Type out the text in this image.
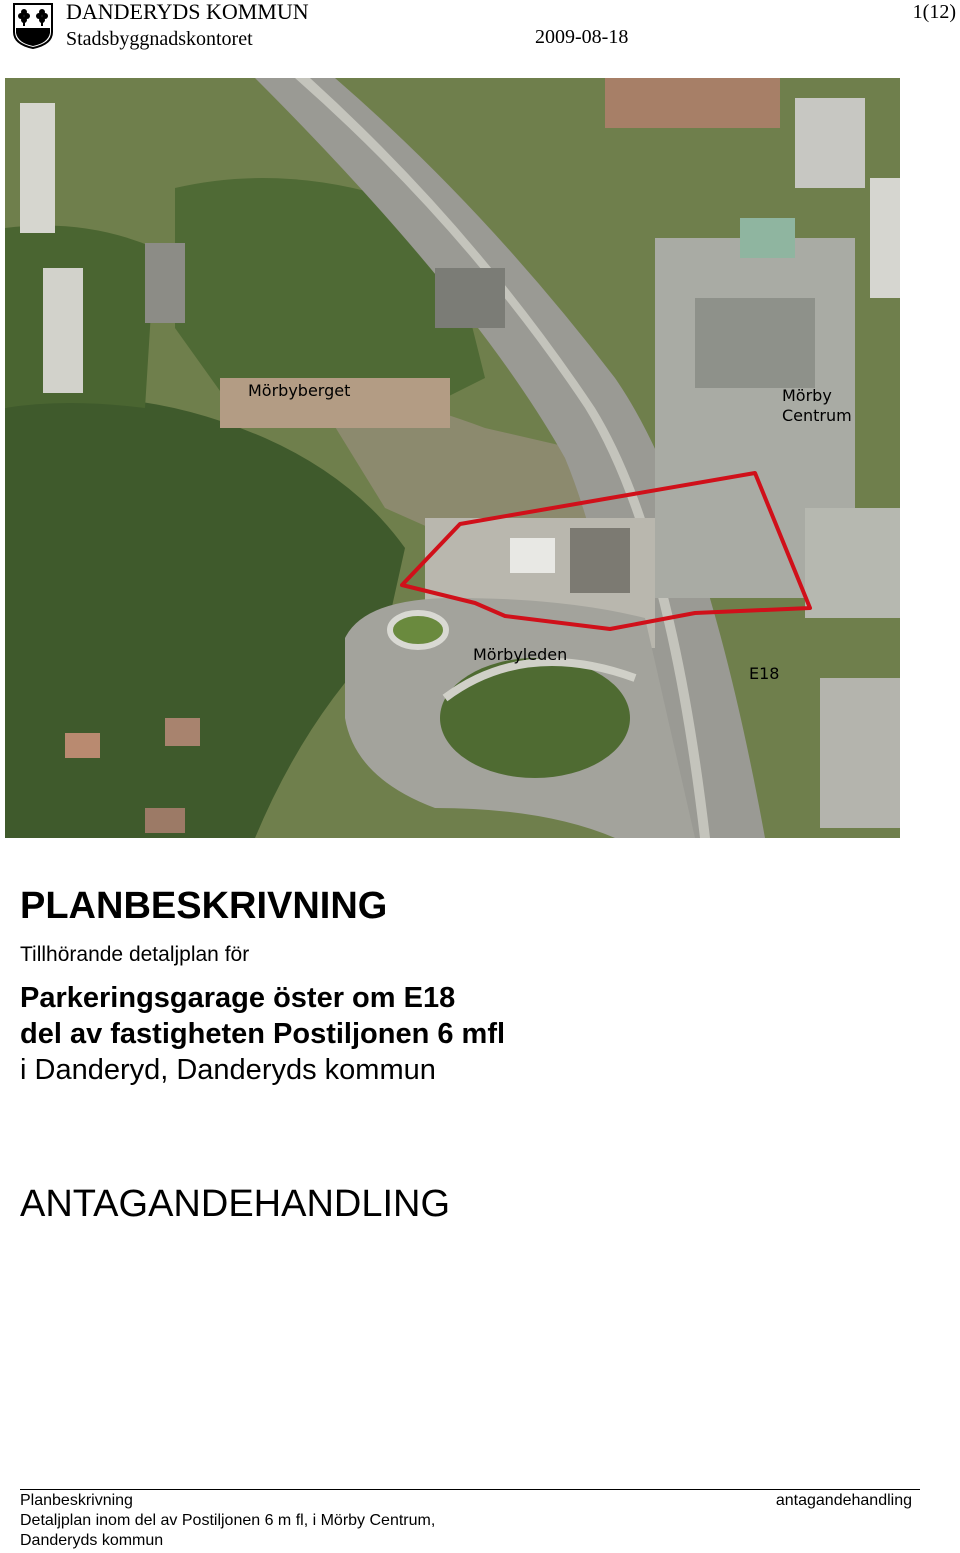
DANDERYDS KOMMUN
Stadsbyggnadskontoret	2009-08-18
1(12)
Mörbyberget	Mörby
Centrum
Mörbyleden
E18
PLANBESKRIVNING
Tillhörande detaljplan för
Parkeringsgarage öster om E18
del av fastigheten Postiljonen 6 mfl
i Danderyd, Danderyds kommun
ANTAGANDEHANDLING
Planbeskrivning
Detaljplan inom del av Postiljonen 6 m fl, i Mörby Centrum,
Danderyds kommun
antagandehandling
